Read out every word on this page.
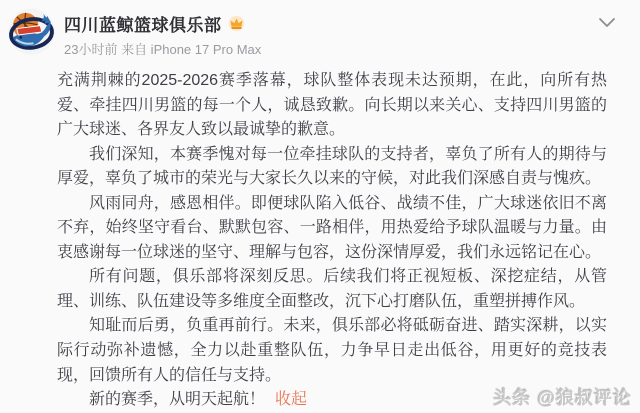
四川蓝鲸篮球俱乐部
23小时前 来自 iPhone 17 Pro Max

充满荆棘的2025-2026赛季落幕，球队整体表现未达预期，在此，向所有热爱、牵挂四川男篮的每一个人，诚恳致歉。向长期以来关心、支持四川男篮的广大球迷、各界友人致以最诚挚的歉意。

我们深知，本赛季愧对每一位牵挂球队的支持者，辜负了所有人的期待与厚爱，辜负了城市的荣光与大家长久以来的守候，对此我们深感自责与愧疚。

风雨同舟，感恩相伴。即便球队陷入低谷、战绩不佳，广大球迷依旧不离不弃，始终坚守看台、默默包容、一路相伴，用热爱给予球队温暖与力量。由衷感谢每一位球迷的坚守、理解与包容，这份深情厚爱，我们永远铭记在心。

所有问题，俱乐部将深刻反思。后续我们将正视短板、深挖症结，从管理、训练、队伍建设等多维度全面整改，沉下心打磨队伍，重塑拼搏作风。

知耻而后勇，负重再前行。未来，俱乐部必将砥砺奋进、踏实深耕，以实际行动弥补遗憾，全力以赴重整队伍，力争早日走出低谷，用更好的竞技表现，回馈所有人的信任与支持。

新的赛季，从明天起航！ 收起	头条 @狼叔评论
